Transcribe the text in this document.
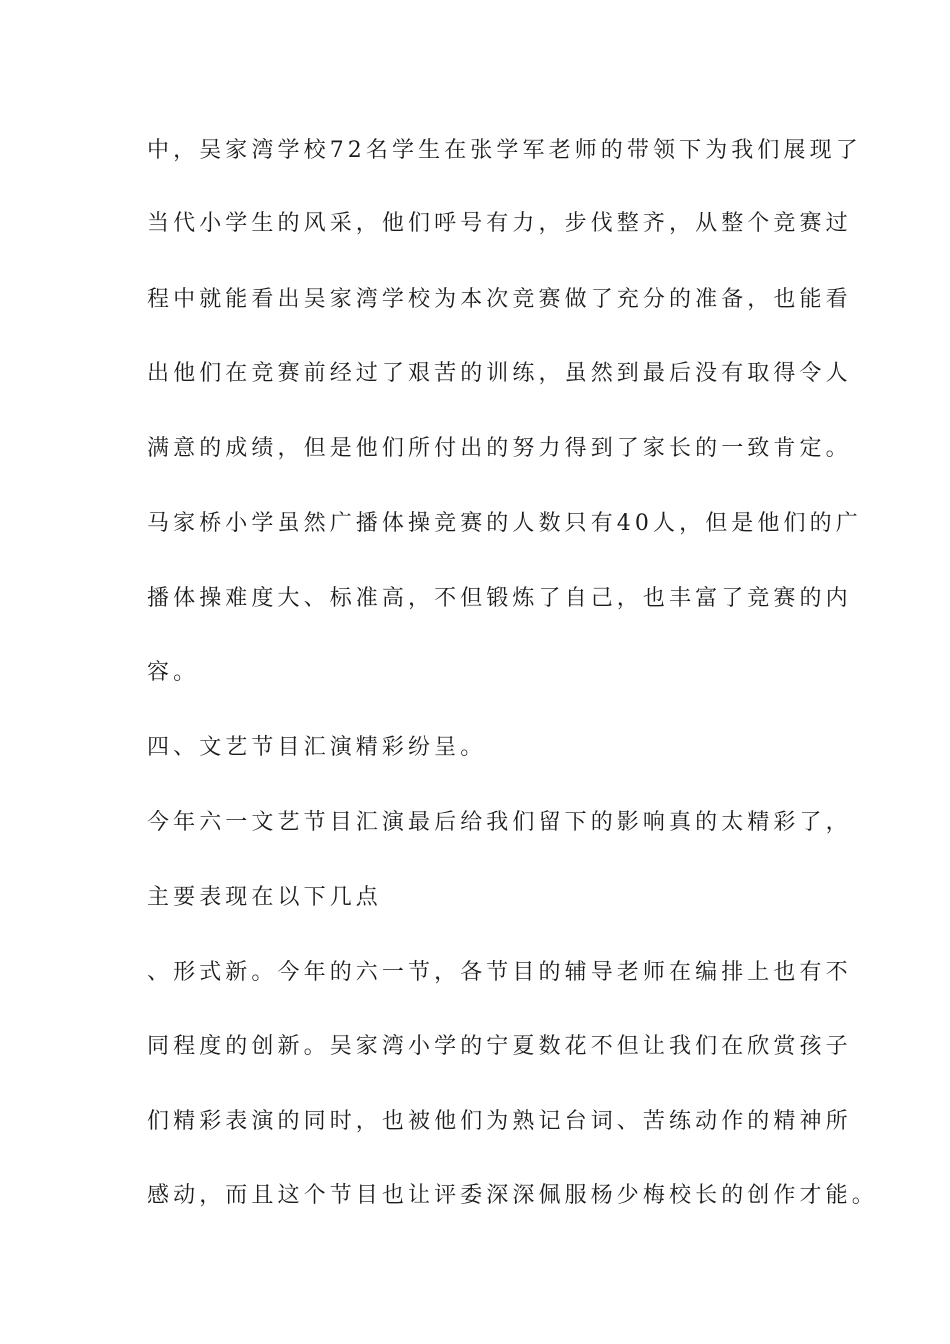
中，吴家湾学校72名学生在张学军老师的带领下为我们展现了
当代小学生的风采，他们呼号有力，步伐整齐，从整个竞赛过
程中就能看出吴家湾学校为本次竞赛做了充分的准备，也能看
出他们在竞赛前经过了艰苦的训练，虽然到最后没有取得令人
满意的成绩，但是他们所付出的努力得到了家长的一致肯定。
马家桥小学虽然广播体操竞赛的人数只有40人，但是他们的广
播体操难度大、标准高，不但锻炼了自己，也丰富了竞赛的内
容。
四、文艺节目汇演精彩纷呈。
今年六一文艺节目汇演最后给我们留下的影响真的太精彩了，
主要表现在以下几点
、形式新。今年的六一节，各节目的辅导老师在编排上也有不
同程度的创新。吴家湾小学的宁夏数花不但让我们在欣赏孩子
们精彩表演的同时，也被他们为熟记台词、苦练动作的精神所
感动，而且这个节目也让评委深深佩服杨少梅校长的创作才能。
